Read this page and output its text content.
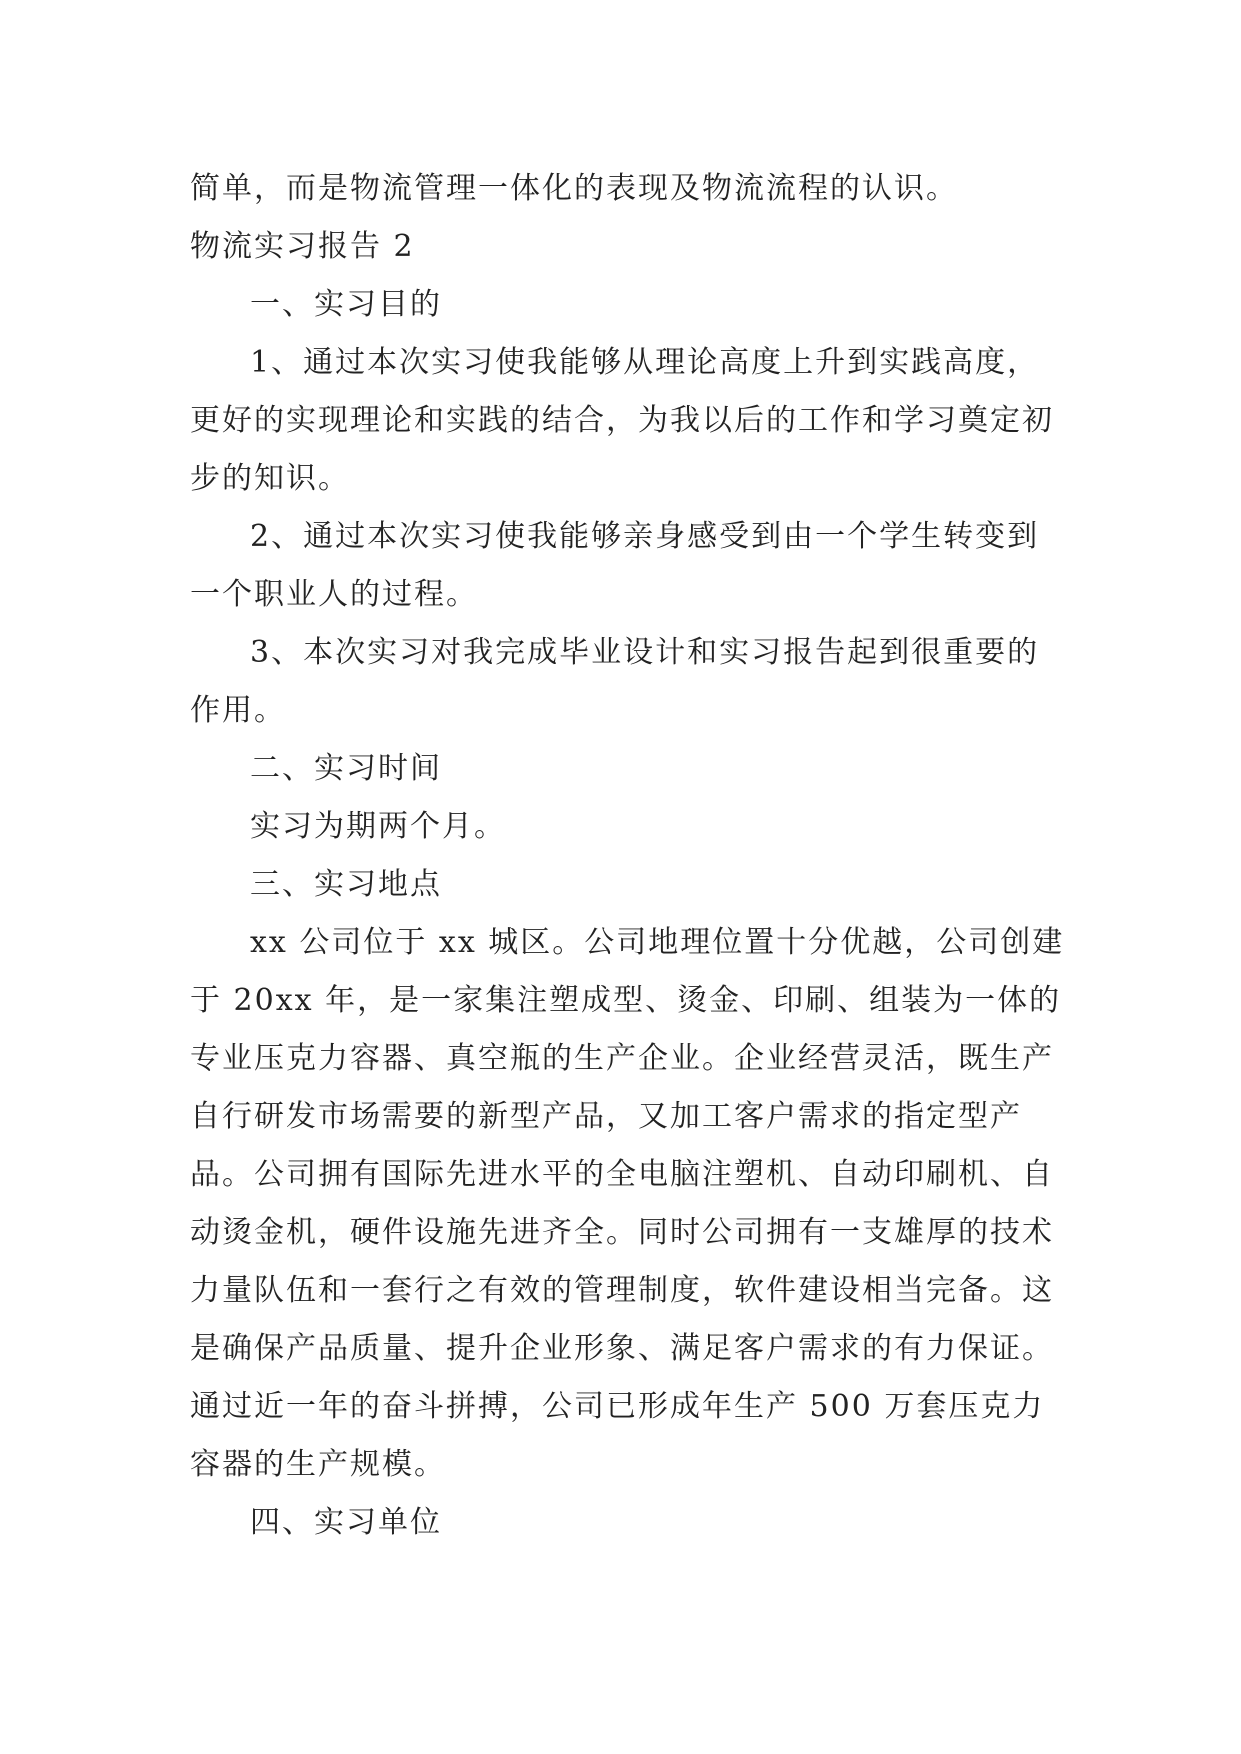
简单，而是物流管理一体化的表现及物流流程的认识。

物流实习报告 2

一、实习目的

1、通过本次实习使我能够从理论高度上升到实践高度，更好的实现理论和实践的结合，为我以后的工作和学习奠定初步的知识。

2、通过本次实习使我能够亲身感受到由一个学生转变到一个职业人的过程。

3、本次实习对我完成毕业设计和实习报告起到很重要的作用。

二、实习时间

实习为期两个月。

三、实习地点

xx 公司位于 xx 城区。公司地理位置十分优越，公司创建于 20xx 年，是一家集注塑成型、烫金、印刷、组装为一体的专业压克力容器、真空瓶的生产企业。企业经营灵活，既生产自行研发市场需要的新型产品，又加工客户需求的指定型产品。公司拥有国际先进水平的全电脑注塑机、自动印刷机、自动烫金机，硬件设施先进齐全。同时公司拥有一支雄厚的技术力量队伍和一套行之有效的管理制度，软件建设相当完备。这是确保产品质量、提升企业形象、满足客户需求的有力保证。通过近一年的奋斗拼搏，公司已形成年生产 500 万套压克力容器的生产规模。

四、实习单位
